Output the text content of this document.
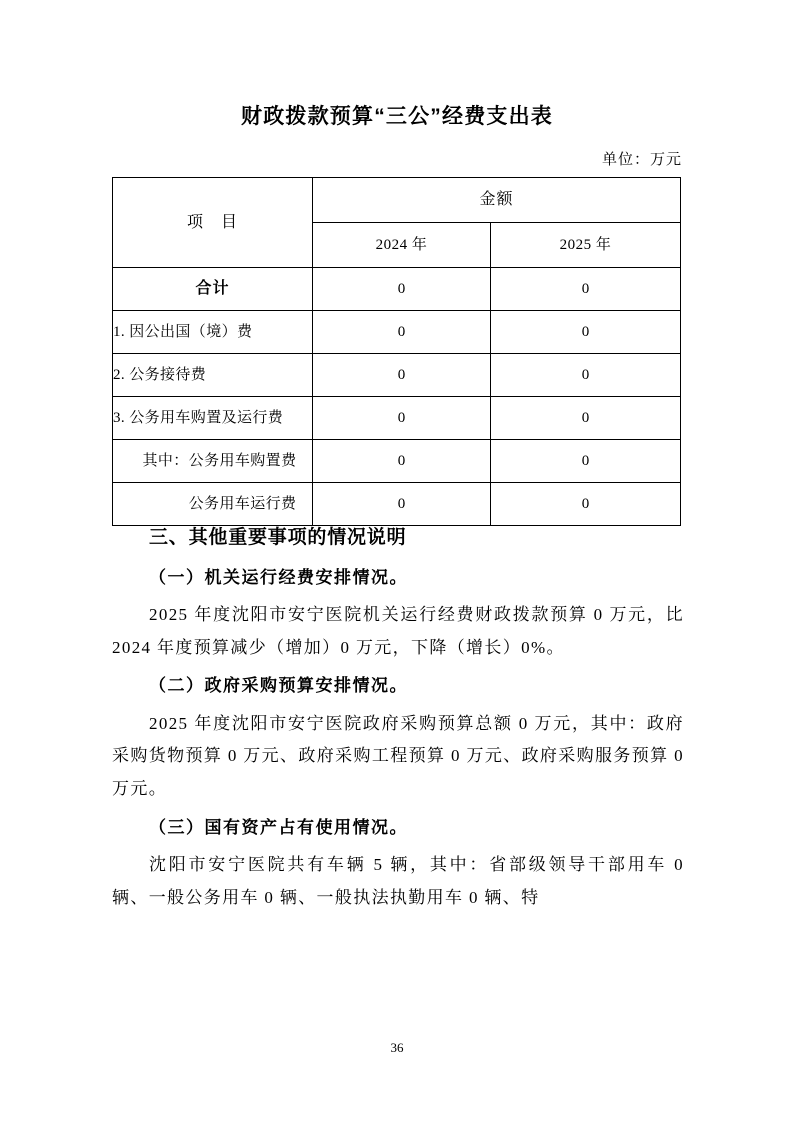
财政拨款预算“三公”经费支出表
单位：万元
项　目	金额	
	2024 年	2025 年
合计	0	0
1. 因公出国（境）费	0	0
2. 公务接待费	0	0
3. 公务用车购置及运行费	0	0
其中：公务用车购置费	0	0
公务用车运行费	0	0

三、其他重要事项的情况说明

（一）机关运行经费安排情况。

2025 年度沈阳市安宁医院机关运行经费财政拨款预算 0 万元，比 2024 年度预算减少（增加）0 万元，下降（增长）0%。

（二）政府采购预算安排情况。

2025 年度沈阳市安宁医院政府采购预算总额 0 万元，其中：政府采购货物预算 0 万元、政府采购工程预算 0 万元、政府采购服务预算 0 万元。

（三）国有资产占有使用情况。

沈阳市安宁医院共有车辆 5 辆，其中：省部级领导干部用车 0 辆、一般公务用车 0 辆、一般执法执勤用车 0 辆、特

36
